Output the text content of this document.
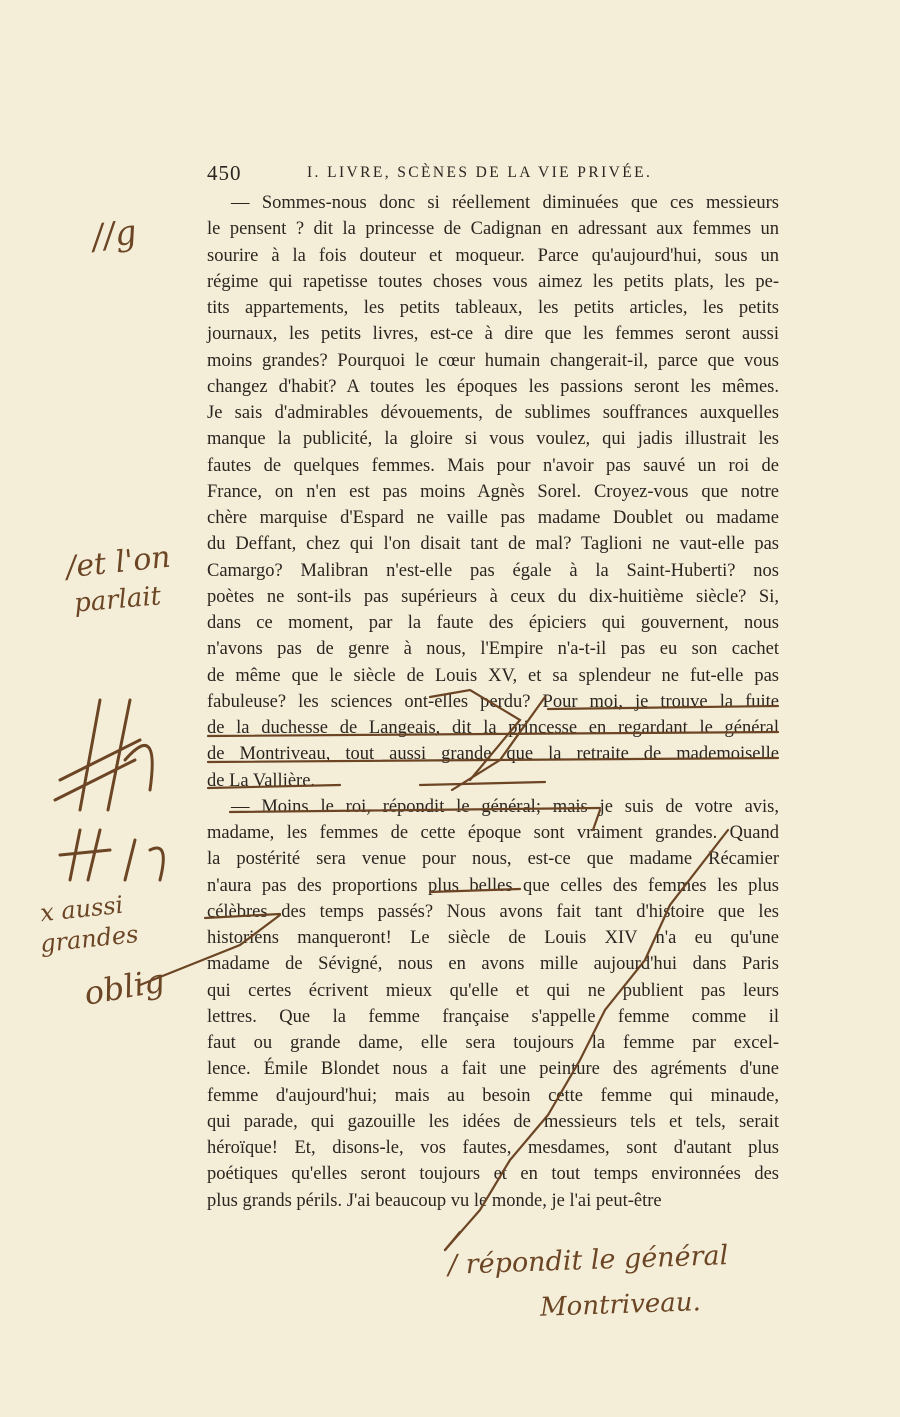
450	I. LIVRE, SCÈNES DE LA VIE PRIVÉE.
— Sommes-nous donc si réellement diminuées que ces messieurs
le pensent ? dit la princesse de Cadignan en adressant aux femmes un
sourire à la fois douteur et moqueur. Parce qu'aujourd'hui, sous un
régime qui rapetisse toutes choses vous aimez les petits plats, les pe-
tits appartements, les petits tableaux, les petits articles, les petits
journaux, les petits livres, est-ce à dire que les femmes seront aussi
moins grandes? Pourquoi le cœur humain changerait-il, parce que vous
changez d'habit? A toutes les époques les passions seront les mêmes.
Je sais d'admirables dévouements, de sublimes souffrances auxquelles
manque la publicité, la gloire si vous voulez, qui jadis illustrait les
fautes de quelques femmes. Mais pour n'avoir pas sauvé un roi de
France, on n'en est pas moins Agnès Sorel. Croyez-vous que notre
chère marquise d'Espard ne vaille pas madame Doublet ou madame
du Deffant, chez qui l'on disait tant de mal? Taglioni ne vaut-elle pas
Camargo? Malibran n'est-elle pas égale à la Saint-Huberti? nos
poètes ne sont-ils pas supérieurs à ceux du dix-huitième siècle? Si,
dans ce moment, par la faute des épiciers qui gouvernent, nous
n'avons pas de genre à nous, l'Empire n'a-t-il pas eu son cachet
de même que le siècle de Louis XV, et sa splendeur ne fut-elle pas
fabuleuse? les sciences ont-elles perdu? Pour moi, je trouve la fuite
de la duchesse de Langeais, dit la princesse en regardant le général
de Montriveau, tout aussi grande que la retraite de mademoiselle
de La Vallière.
— Moins le roi, répondit le général; mais je suis de votre avis,
madame, les femmes de cette époque sont vraiment grandes. Quand
la postérité sera venue pour nous, est-ce que madame Récamier
n'aura pas des proportions plus belles que celles des femmes les plus
célèbres des temps passés? Nous avons fait tant d'histoire que les
historiens manqueront! Le siècle de Louis XIV n'a eu qu'une
madame de Sévigné, nous en avons mille aujourd'hui dans Paris
qui certes écrivent mieux qu'elle et qui ne publient pas leurs
lettres. Que la femme française s'appelle femme comme il
faut ou grande dame, elle sera toujours la femme par excel-
lence. Émile Blondet nous a fait une peinture des agréments d'une
femme d'aujourd'hui; mais au besoin cette femme qui minaude,
qui parade, qui gazouille les idées de messieurs tels et tels, serait
héroïque! Et, disons-le, vos fautes, mesdames, sont d'autant plus
poétiques qu'elles seront toujours et en tout temps environnées des
plus grands périls. J'ai beaucoup vu le monde, je l'ai peut-être
//g
/et l'on
parlait
x aussi
grandes
oblig
/ répondit le général
Montriveau.
